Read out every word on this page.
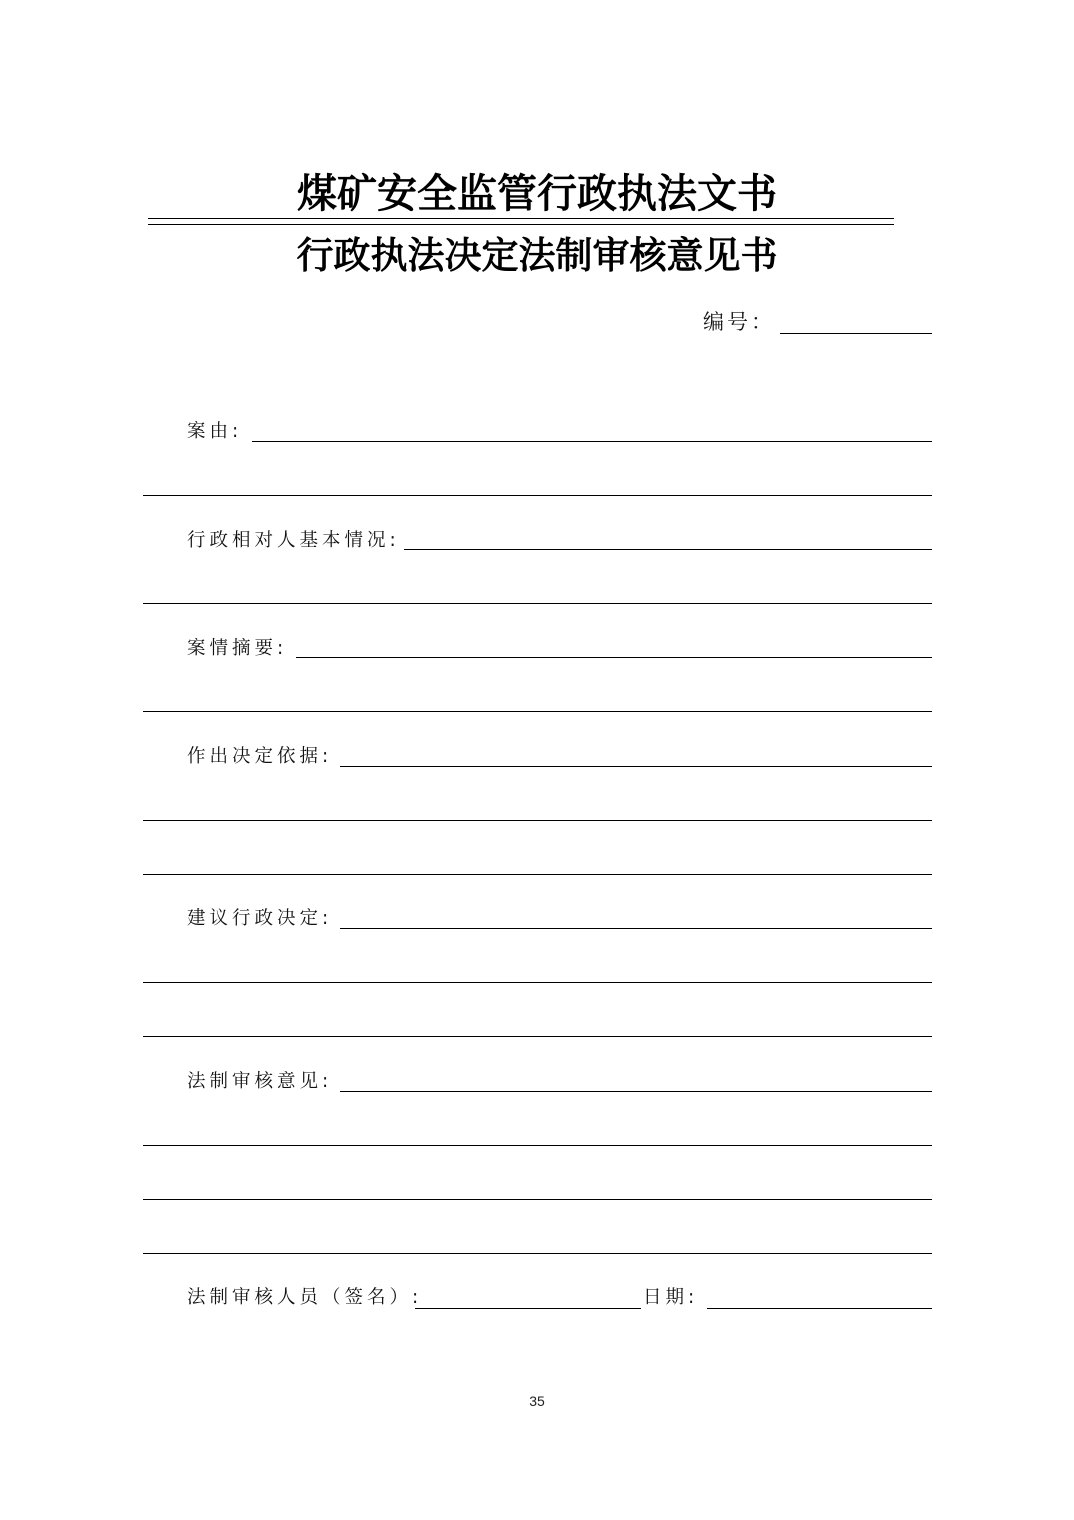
煤矿安全监管行政执法文书
行政执法决定法制审核意见书
编号：
案由:
行政相对人基本情况:
案情摘要:
作出决定依据:
建议行政决定:
法制审核意见:
法制审核人员（签名）:	日期:
35
